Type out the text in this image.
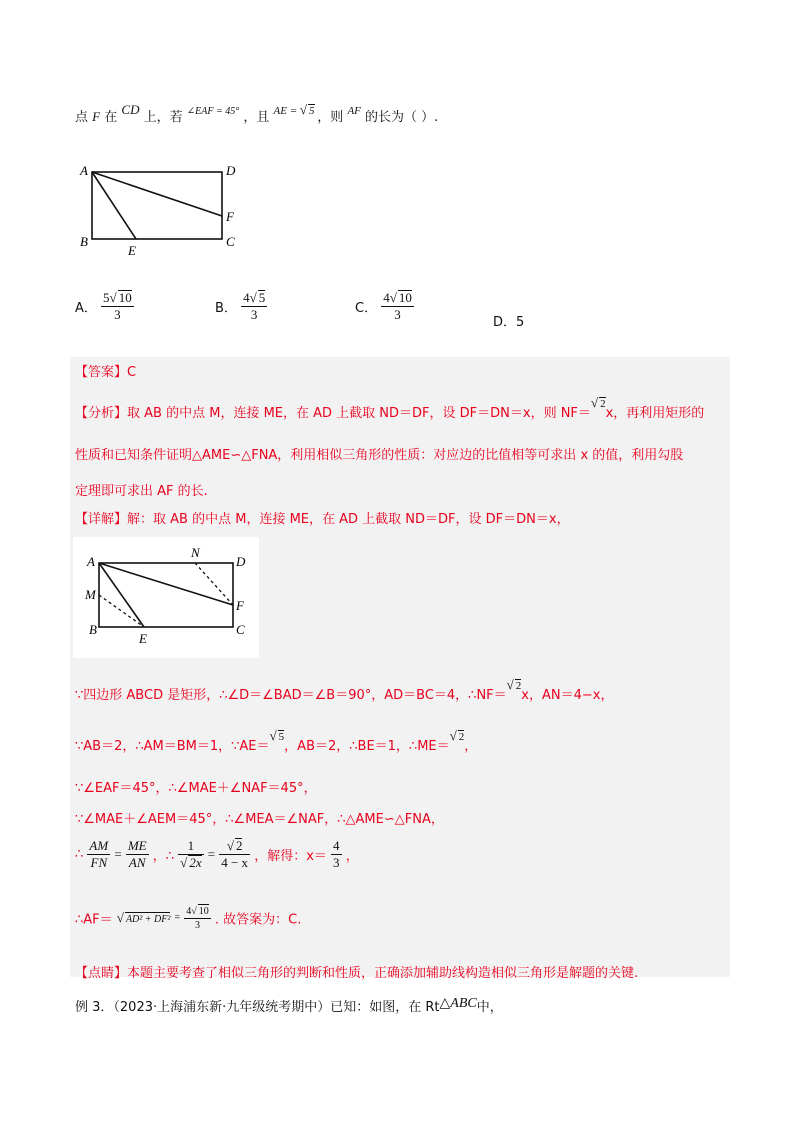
点 F 在 CD 上，若 $^{\angle EAF = 45^\circ}$ ，且 $^{AE = √ 5}$ ，则 $^{AF}$ 的长为（ ）.
A	D
F
B
E
C
A． $\frac{5√ 10}{3}$	B． $\frac{4√ 5}{3}$	C． $\frac{4√ 10}{3}$	D．5
【答案】C
【分析】取 AB 的中点 M，连接 ME，在 AD 上截取 ND＝DF，设 DF＝DN＝x，则 NF＝$^{√ 2}$x，再利用矩形的
性质和已知条件证明△AME∽△FNA，利用相似三角形的性质：对应边的比值相等可求出 x 的值，利用勾股
定理即可求出 AF 的长.
【详解】解：取 AB 的中点 M，连接 ME，在 AD 上截取 ND＝DF，设 DF＝DN＝x，
A
N
D
M
F
B
E
C
∵四边形 ABCD 是矩形，∴∠D＝∠BAD＝∠B＝90°，AD＝BC＝4，∴NF＝$^{√ 2}$x，AN＝4−x，
∵AB＝2，∴AM＝BM＝1，∵AE＝$^{√ 5}$，AB＝2，∴BE＝1，∴ME＝$^{√ 2}$，
∵∠EAF＝45°，∴∠MAE＋∠NAF＝45°，
∵∠MAE＋∠AEM＝45°，∴∠MEA＝∠NAF，∴△AME∽△FNA，
∴ $\frac{AM}{FN} = \frac{ME}{AN}$ ，∴ $\frac{1}{√ 2x} = \frac{√ 2}{4 - x}$ ，解得：$x= \frac{4}{3}$ ，
∴AF＝ √ $AD^2 + DF^2 = \frac{4√ 10}{3}$ . 故答案为：C.
【点睛】本题主要考查了相似三角形的判断和性质，正确添加辅助线构造相似三角形是解题的关键.
例 3．（2023·上海浦东新·九年级统考期中）已知：如图，在 Rt△ABC中，
